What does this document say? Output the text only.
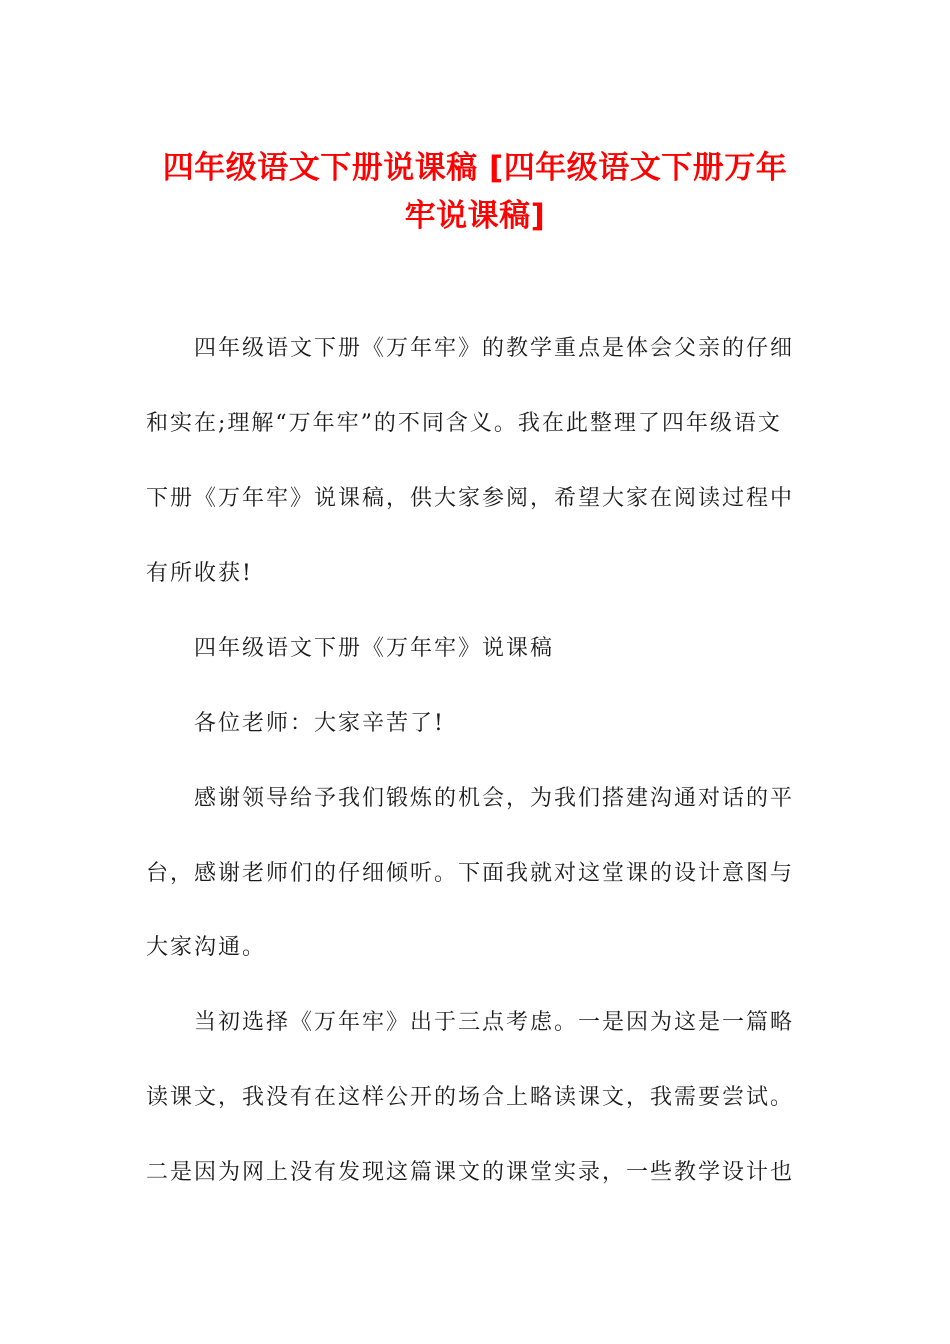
四年级语文下册说课稿 [四年级语文下册万年
牢说课稿]
四年级语文下册《万年牢》的教学重点是体会父亲的仔细
和实在;理解“万年牢”的不同含义。我在此整理了四年级语文
下册《万年牢》说课稿，供大家参阅，希望大家在阅读过程中
有所收获!
四年级语文下册《万年牢》说课稿
各位老师：大家辛苦了!
感谢领导给予我们锻炼的机会，为我们搭建沟通对话的平
台，感谢老师们的仔细倾听。下面我就对这堂课的设计意图与
大家沟通。
当初选择《万年牢》出于三点考虑。一是因为这是一篇略
读课文，我没有在这样公开的场合上略读课文，我需要尝试。
二是因为网上没有发现这篇课文的课堂实录，一些教学设计也
